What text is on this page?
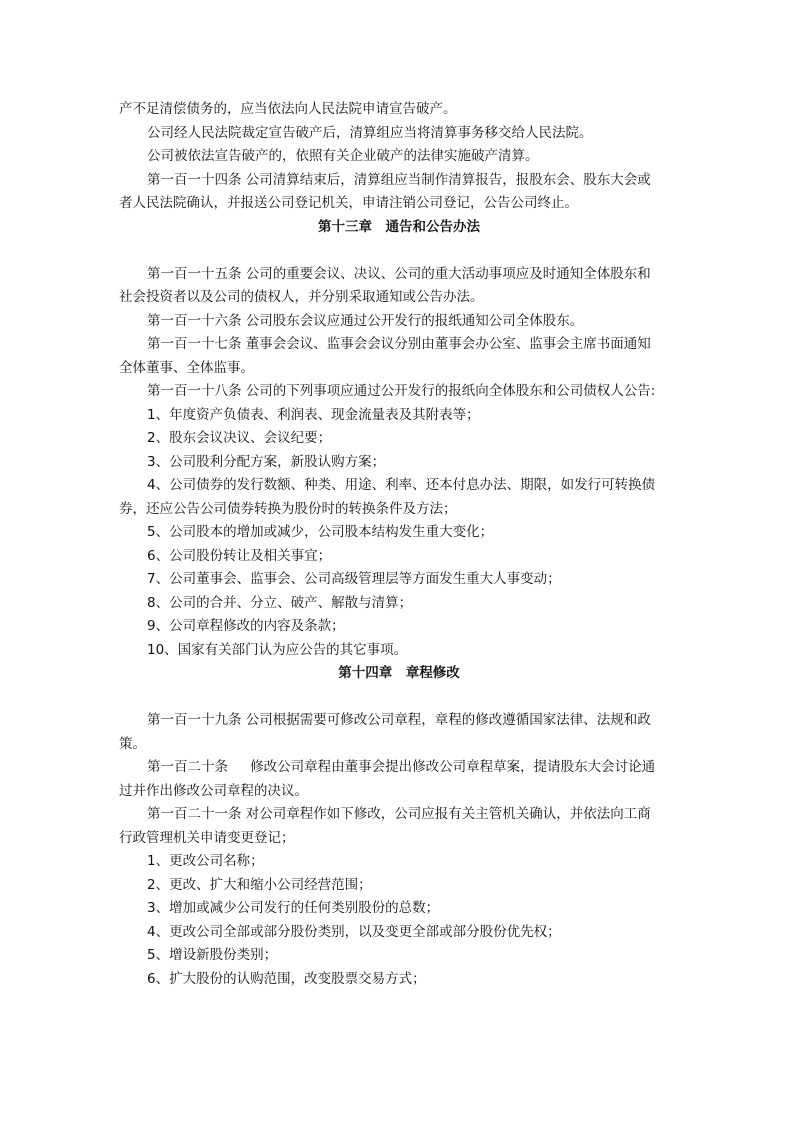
产不足清偿债务的，应当依法向人民法院申请宣告破产。

公司经人民法院裁定宣告破产后，清算组应当将清算事务移交给人民法院。

公司被依法宣告破产的，依照有关企业破产的法律实施破产清算。

第一百一十四条 公司清算结束后，清算组应当制作清算报告，报股东会、股东大会或

者人民法院确认，并报送公司登记机关，申请注销公司登记，公告公司终止。

第十三章　通告和公告办法

第一百一十五条 公司的重要会议、决议、公司的重大活动事项应及时通知全体股东和

社会投资者以及公司的债权人，并分别采取通知或公告办法。

第一百一十六条 公司股东会议应通过公开发行的报纸通知公司全体股东。

第一百一十七条 董事会会议、监事会会议分别由董事会办公室、监事会主席书面通知

全体董事、全体监事。

第一百一十八条 公司的下列事项应通过公开发行的报纸向全体股东和公司债权人公告:

1、年度资产负债表、利润表、现金流量表及其附表等；

2、股东会议决议、会议纪要；

3、公司股利分配方案，新股认购方案；

4、公司债券的发行数额、种类、用途、利率、还本付息办法、期限，如发行可转换债

券，还应公告公司债券转换为股份时的转换条件及方法；

5、公司股本的增加或减少，公司股本结构发生重大变化；

6、公司股份转让及相关事宜；

7、公司董事会、监事会、公司高级管理层等方面发生重大人事变动；

8、公司的合并、分立、破产、解散与清算；

9、公司章程修改的内容及条款；

10、国家有关部门认为应公告的其它事项。

第十四章　章程修改

第一百一十九条 公司根据需要可修改公司章程，章程的修改遵循国家法律、法规和政

策。

第一百二十条　  修改公司章程由董事会提出修改公司章程草案，提请股东大会讨论通

过并作出修改公司章程的决议。

第一百二十一条 对公司章程作如下修改，公司应报有关主管机关确认，并依法向工商

行政管理机关申请变更登记；

1、更改公司名称；

2、更改、扩大和缩小公司经营范围；

3、增加或减少公司发行的任何类别股份的总数；

4、更改公司全部或部分股份类别，以及变更全部或部分股份优先权；

5、增设新股份类别；

6、扩大股份的认购范围，改变股票交易方式；
